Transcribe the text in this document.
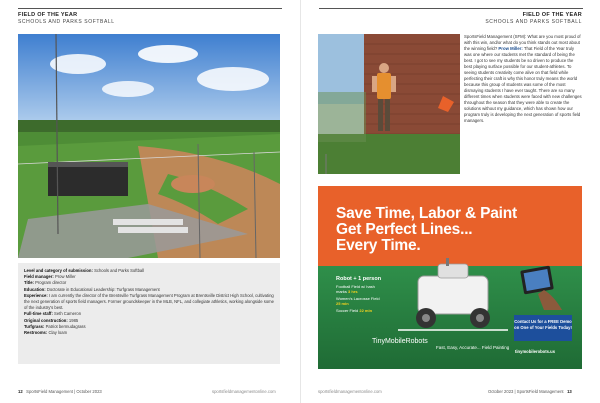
FIELD OF THE YEAR
SCHOOLS AND PARKS SOFTBALL
Level and category of submission: Schools and Parks Softball
Field manager: Prow Miller
Title: Program director
Education: Doctorate in Educational Leadership: Turfgrass Management
Experience: I am currently the director of the Brentsville Turfgrass Management Program at Brentsville District High School, cultivating the next generation of sports field managers. Former groundskeeper in the MLB, NFL, and collegiate athletics, working alongside some of the industry's best.
Full-time staff: Seth Cameron
Original construction: 1985
Turfgrass: Patriot bermudagrass
Restrooms: Clay loam
12 SportsField Management | October 2023	sportsfieldmanagementonline.com
FIELD OF THE YEAR
SCHOOLS AND PARKS SOFTBALL
SportsField Management (SFM): What are you most proud of with this win, and/or what do you think stands out most about the winning field? Prow Miller: That Field of the Year truly was one where our students met the standard of being the best. I got to see my students be so driven to produce the best playing surface possible for our student-athletes. To seeing students creativity come alive on that field while perfecting their craft is why this honor truly means the world because this group of students was some of the most dismaying students I have ever taught. There are so many different times when students were faced with new challenges throughout the season that they were able to create the solutions without my guidance, which has shown how our program truly is developing the next generation of sports field managers.
Save Time, Labor & Paint
Get Perfect Lines...
Every Time.
Robot + 1 person
Football Field w/ hash marks 3 hrs
Women's Lacrosse Field 25 min
Soccer Field 22 min
TinyMobileRobots
Fast, Easy, Accurate... Field Painting
Contact Us for a FREE Demo on One of Your Fields Today!
tinymobilerobots.us
sportsfieldmanagementonline.com	October 2023 | SportsField Management 13
